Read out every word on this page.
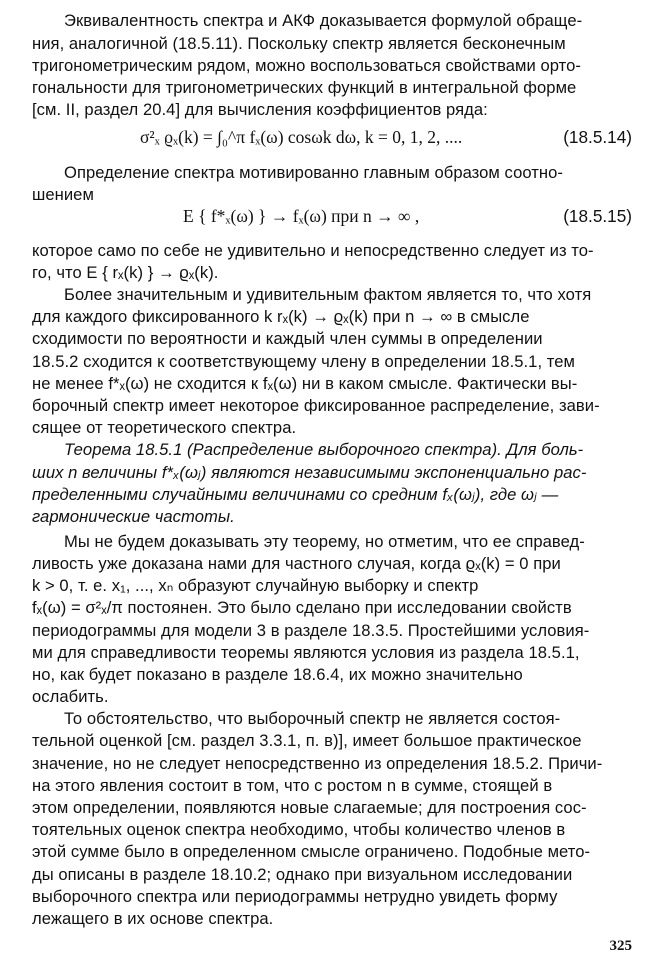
Эквивалентность спектра и АКФ доказывается формулой обраще-
ния, аналогичной (18.5.11). Поскольку спектр является бесконечным
тригонометрическим рядом, можно воспользоваться свойствами орто-
гональности для тригонометрических функций в интегральной форме
[см. II, раздел 20.4] для вычисления коэффициентов ряда:
σ²ₓ ϱₓ(k) = ∫₀^π fₓ(ω) cosωk dω, k = 0, 1, 2, ....	(18.5.14)
Определение спектра мотивированно главным образом соотно-
шением
E { f*ₓ(ω) } → fₓ(ω) при n → ∞ ,	(18.5.15)
которое само по себе не удивительно и непосредственно следует из то-
го, что E { rₓ(k) } → ϱₓ(k).
Более значительным и удивительным фактом является то, что хотя
для каждого фиксированного k rₓ(k) → ϱₓ(k) при n → ∞ в смысле
сходимости по вероятности и каждый член суммы в определении
18.5.2 сходится к соответствующему члену в определении 18.5.1, тем
не менее f*ₓ(ω) не сходится к fₓ(ω) ни в каком смысле. Фактически вы-
борочный спектр имеет некоторое фиксированное распределение, зави-
сящее от теоретического спектра.
Теорема 18.5.1 (Распределение выборочного спектра). Для боль-
ших n величины f*ₓ(ωⱼ) являются независимыми экспоненциально рас-
пределенными случайными величинами со средним fₓ(ωⱼ), где ωⱼ —
гармонические частоты.
Мы не будем доказывать эту теорему, но отметим, что ее справед-
ливость уже доказана нами для частного случая, когда ϱₓ(k) = 0 при
k > 0, т. е. x₁, ..., xₙ образуют случайную выборку и спектр
fₓ(ω) = σ²ₓ/π постоянен. Это было сделано при исследовании свойств
периодограммы для модели 3 в разделе 18.3.5. Простейшими условия-
ми для справедливости теоремы являются условия из раздела 18.5.1,
но, как будет показано в разделе 18.6.4, их можно значительно
ослабить.
То обстоятельство, что выборочный спектр не является состоя-
тельной оценкой [см. раздел 3.3.1, п. в)], имеет большое практическое
значение, но не следует непосредственно из определения 18.5.2. Причи-
на этого явления состоит в том, что с ростом n в сумме, стоящей в
этом определении, появляются новые слагаемые; для построения сос-
тоятельных оценок спектра необходимо, чтобы количество членов в
этой сумме было в определенном смысле ограничено. Подобные мето-
325
ды описаны в разделе 18.10.2; однако при визуальном исследовании
выборочного спектра или периодограммы нетрудно увидеть форму
лежащего в их основе спектра.
